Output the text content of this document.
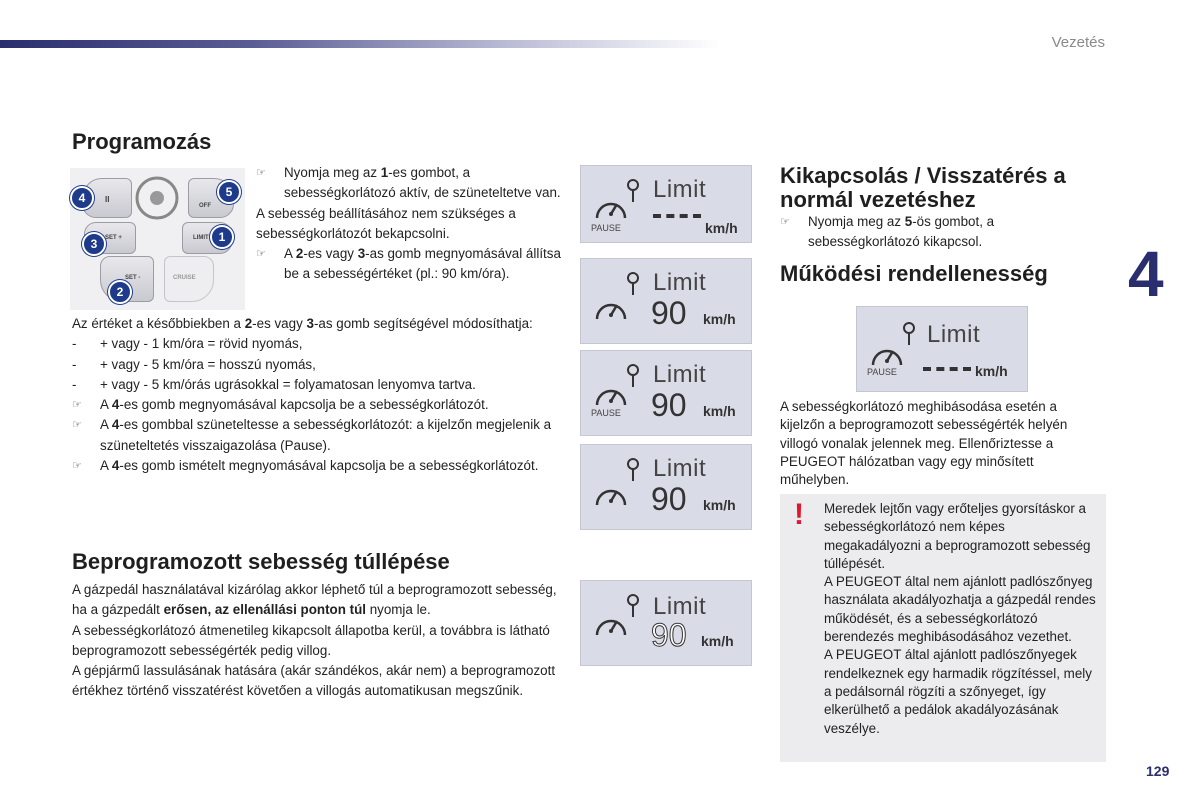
Vezetés
4
129
Programozás
II
SET +
SET -
OFF
LIMIT
CRUISE
4	5
3	1
2
☞ Nyomja meg az 1-es gombot, a sebességkorlátozó aktív, de szüneteltetve van.

A sebesség beállításához nem szükséges a sebességkorlátozót bekapcsolni.

☞ A 2-es vagy 3-as gomb megnyomásával állítsa be a sebességértéket (pl.: 90 km/óra).

Az értéket a későbbiekben a 2-es vagy 3-as gomb segítségével módosíthatja:

- + vagy - 1 km/óra = rövid nyomás,
- + vagy - 5 km/óra = hosszú nyomás,
- + vagy - 5 km/órás ugrásokkal = folyamatosan lenyomva tartva.
☞ A 4-es gomb megnyomásával kapcsolja be a sebességkorlátozót.
☞ A 4-es gombbal szüneteltesse a sebességkorlátozót: a kijelzőn megjelenik a szüneteltetés visszaigazolása (Pause).
☞ A 4-es gomb ismételt megnyomásával kapcsolja be a sebességkorlátozót.
Beprogramozott sebesség túllépése

A gázpedál használatával kizárólag akkor léphető túl a beprogramozott sebesség, ha a gázpedált erősen, az ellenállási ponton túl nyomja le.

A sebességkorlátozó átmenetileg kikapcsolt állapotba kerül, a továbbra is látható beprogramozott sebességérték pedig villog.

A gépjármű lassulásának hatására (akár szándékos, akár nem) a beprogramozott értékhez történő visszatérést követően a villogás automatikusan megszűnik.

Limit
km/h
PAUSE
Limit
90 km/h
Limit
90 km/h
PAUSE
Limit
90 km/h
Limit
90 km/h
Kikapcsolás / Visszatérés a
normál vezetéshez
☞ Nyomja meg az 5-ös gombot, a sebességkorlátozó kikapcsol.
Működési rendellenesség
Limit
km/h
PAUSE
A sebességkorlátozó meghibásodása esetén a kijelzőn a beprogramozott sebességérték helyén villogó vonalak jelennek meg. Ellenőriztesse a PEUGEOT hálózatban vagy egy minősített műhelyben.
! Meredek lejtőn vagy erőteljes gyorsításkor a sebességkorlátozó nem képes megakadályozni a beprogramozott sebesség túllépését.

A PEUGEOT által nem ajánlott padlószőnyeg használata akadályozhatja a gázpedál rendes működését, és a sebességkorlátozó berendezés meghibásodásához vezethet.

A PEUGEOT által ajánlott padlószőnyegek rendelkeznek egy harmadik rögzítéssel, mely a pedálsornál rögzíti a szőnyeget, így elkerülhető a pedálok akadályozásának veszélye.
